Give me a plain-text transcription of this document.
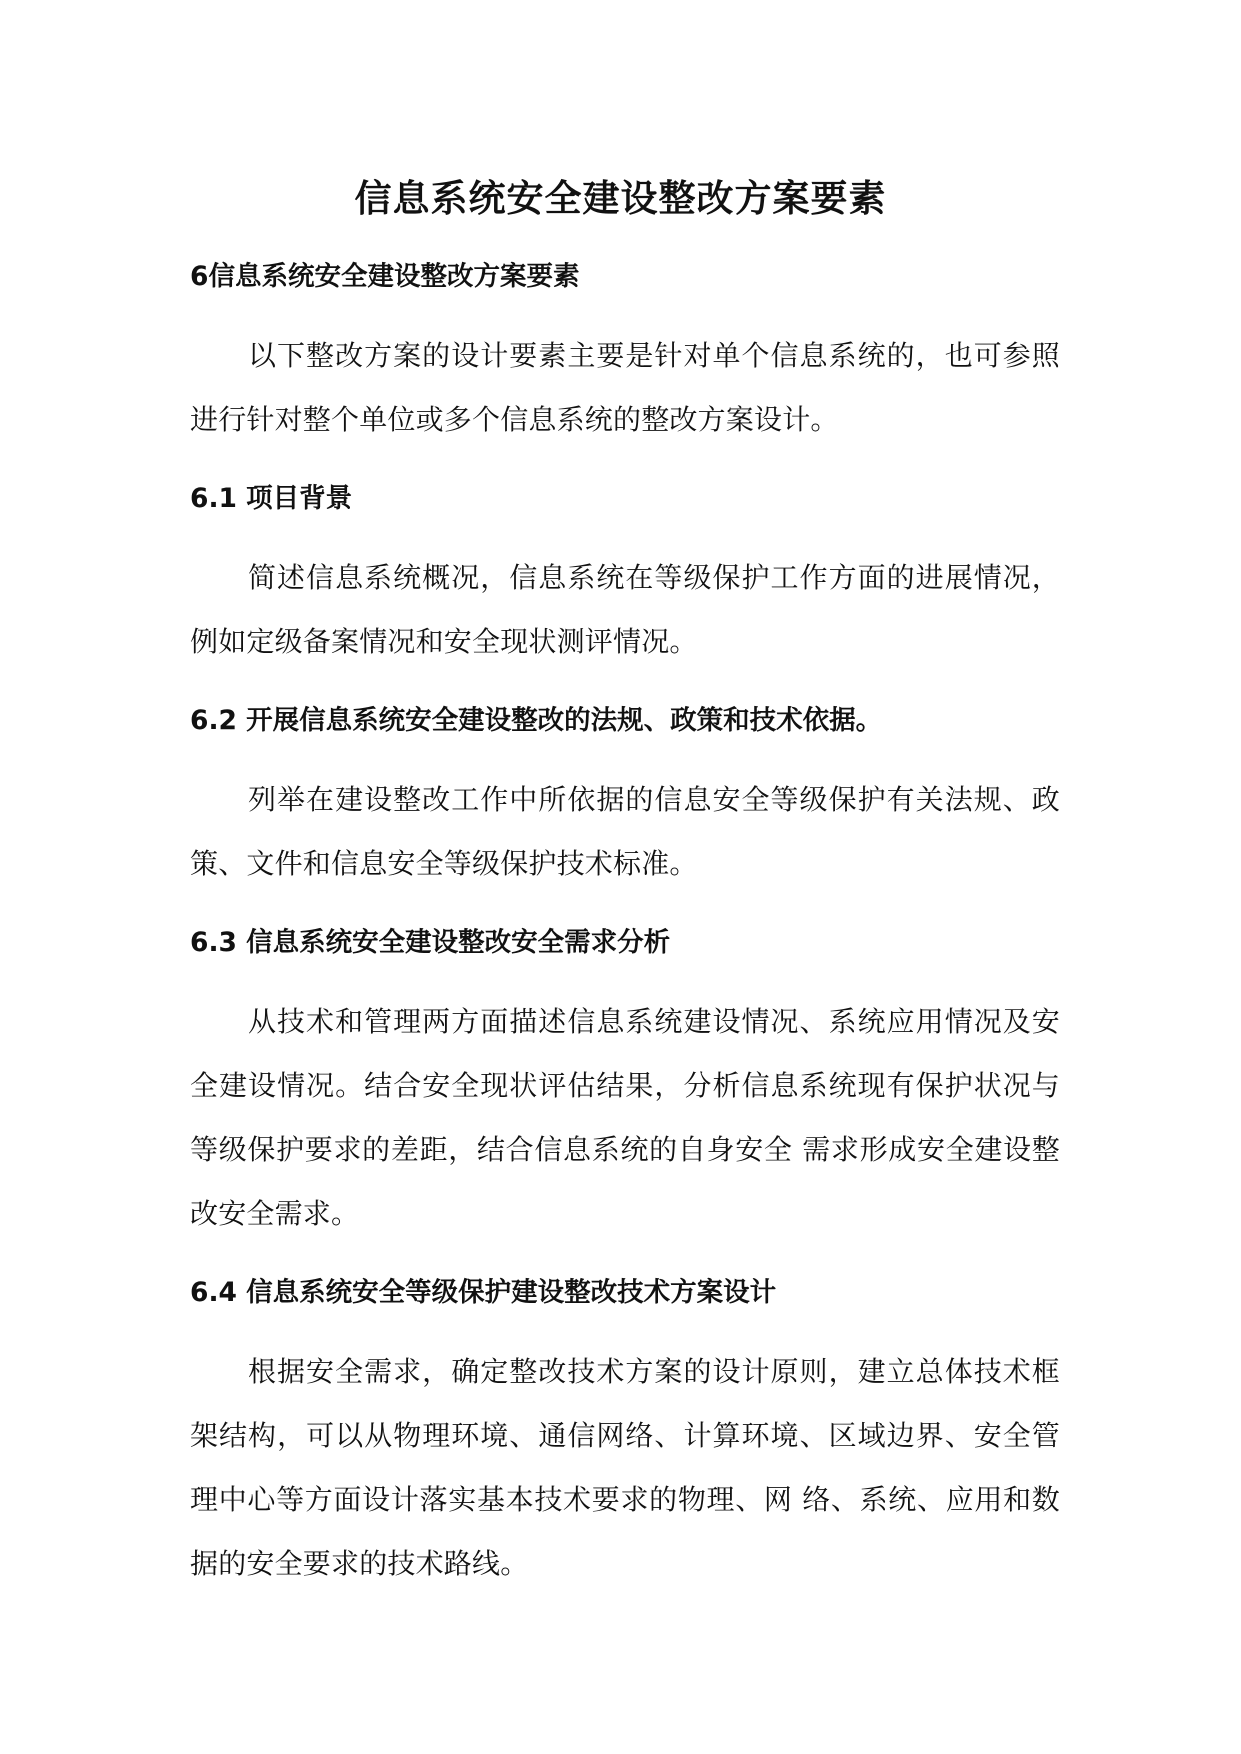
信息系统安全建设整改方案要素
6信息系统安全建设整改方案要素

以下整改方案的设计要素主要是针对单个信息系统的，也可参照进行针对整个单位或多个信息系统的整改方案设计。

6.1 项目背景

简述信息系统概况，信息系统在等级保护工作方面的进展情况，例如定级备案情况和安全现状测评情况。

6.2 开展信息系统安全建设整改的法规、政策和技术依据。

列举在建设整改工作中所依据的信息安全等级保护有关法规、政策、文件和信息安全等级保护技术标准。

6.3 信息系统安全建设整改安全需求分析

从技术和管理两方面描述信息系统建设情况、系统应用情况及安全建设情况。结合安全现状评估结果，分析信息系统现有保护状况与等级保护要求的差距，结合信息系统的自身安全 需求形成安全建设整改安全需求。

6.4 信息系统安全等级保护建设整改技术方案设计

根据安全需求，确定整改技术方案的设计原则，建立总体技术框架结构，可以从物理环境、通信网络、计算环境、区域边界、安全管理中心等方面设计落实基本技术要求的物理、网 络、系统、应用和数据的安全要求的技术路线。
